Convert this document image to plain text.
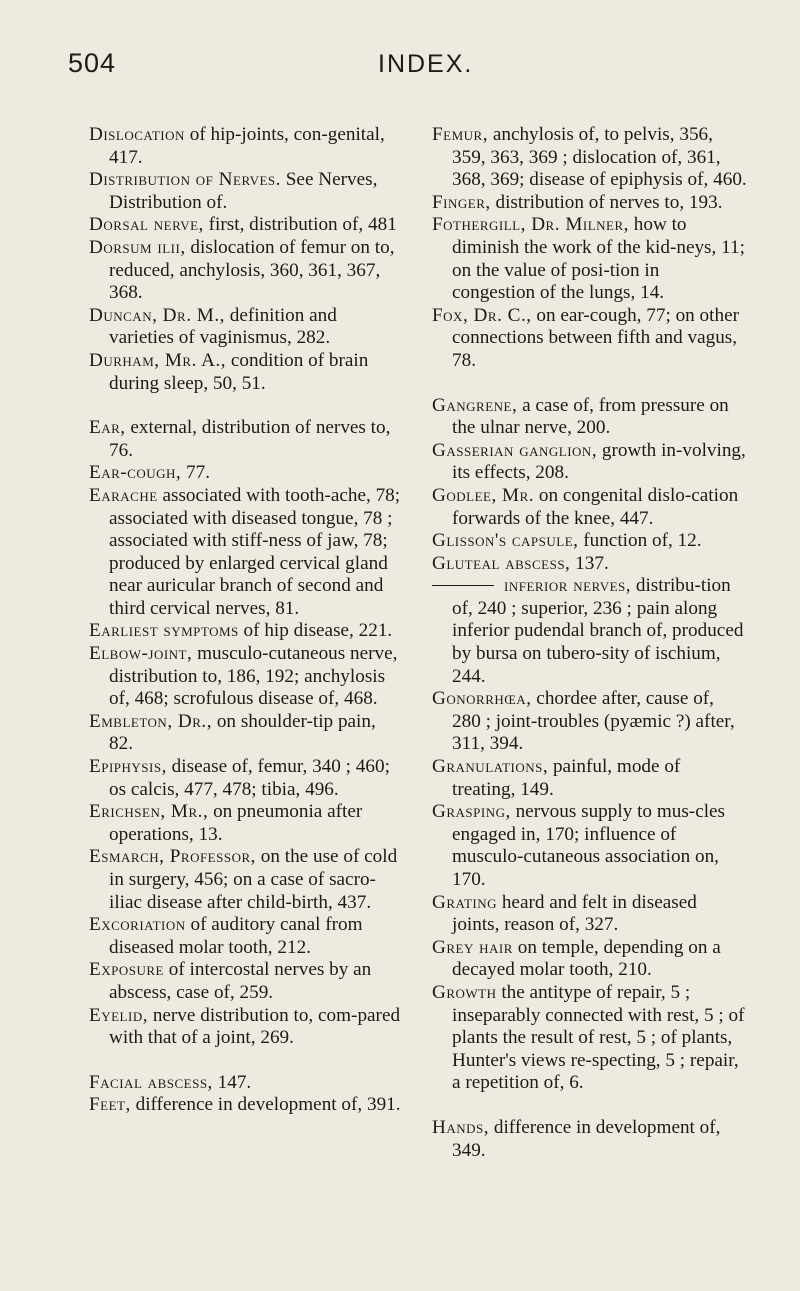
504	INDEX.

Dislocation of hip-joints, con-genital, 417.

Distribution of Nerves. See Nerves, Distribution of.

Dorsal nerve, first, distribution of, 481

Dorsum ilii, dislocation of femur on to, reduced, anchylosis, 360, 361, 367, 368.

Duncan, Dr. M., definition and varieties of vaginismus, 282.

Durham, Mr. A., condition of brain during sleep, 50, 51.

Ear, external, distribution of nerves to, 76.

Ear-cough, 77.

Earache associated with tooth-ache, 78; associated with diseased tongue, 78 ; associated with stiff-ness of jaw, 78; produced by enlarged cervical gland near auricular branch of second and third cervical nerves, 81.

Earliest symptoms of hip disease, 221.

Elbow-joint, musculo-cutaneous nerve, distribution to, 186, 192; anchylosis of, 468; scrofulous disease of, 468.

Embleton, Dr., on shoulder-tip pain, 82.

Epiphysis, disease of, femur, 340 ; 460; os calcis, 477, 478; tibia, 496.

Erichsen, Mr., on pneumonia after operations, 13.

Esmarch, Professor, on the use of cold in surgery, 456; on a case of sacro-iliac disease after child-birth, 437.

Excoriation of auditory canal from diseased molar tooth, 212.

Exposure of intercostal nerves by an abscess, case of, 259.

Eyelid, nerve distribution to, com-pared with that of a joint, 269.

Facial abscess, 147.

Feet, difference in development of, 391.

Femur, anchylosis of, to pelvis, 356, 359, 363, 369 ; dislocation of, 361, 368, 369; disease of epiphysis of, 460.

Finger, distribution of nerves to, 193.

Fothergill, Dr. Milner, how to diminish the work of the kid-neys, 11; on the value of posi-tion in congestion of the lungs, 14.

Fox, Dr. C., on ear-cough, 77; on other connections between fifth and vagus, 78.

Gangrene, a case of, from pressure on the ulnar nerve, 200.

Gasserian ganglion, growth in-volving, its effects, 208.

Godlee, Mr. on congenital dislo-cation forwards of the knee, 447.

Glisson's capsule, function of, 12.

Gluteal abscess, 137.

inferior nerves, distribu-tion of, 240 ; superior, 236 ; pain along inferior pudendal branch of, produced by bursa on tubero-sity of ischium, 244.

Gonorrhœa, chordee after, cause of, 280 ; joint-troubles (pyæmic ?) after, 311, 394.

Granulations, painful, mode of treating, 149.

Grasping, nervous supply to mus-cles engaged in, 170; influence of musculo-cutaneous association on, 170.

Grating heard and felt in diseased joints, reason of, 327.

Grey hair on temple, depending on a decayed molar tooth, 210.

Growth the antitype of repair, 5 ; inseparably connected with rest, 5 ; of plants the result of rest, 5 ; of plants, Hunter's views re-specting, 5 ; repair, a repetition of, 6.

Hands, difference in development of, 349.
